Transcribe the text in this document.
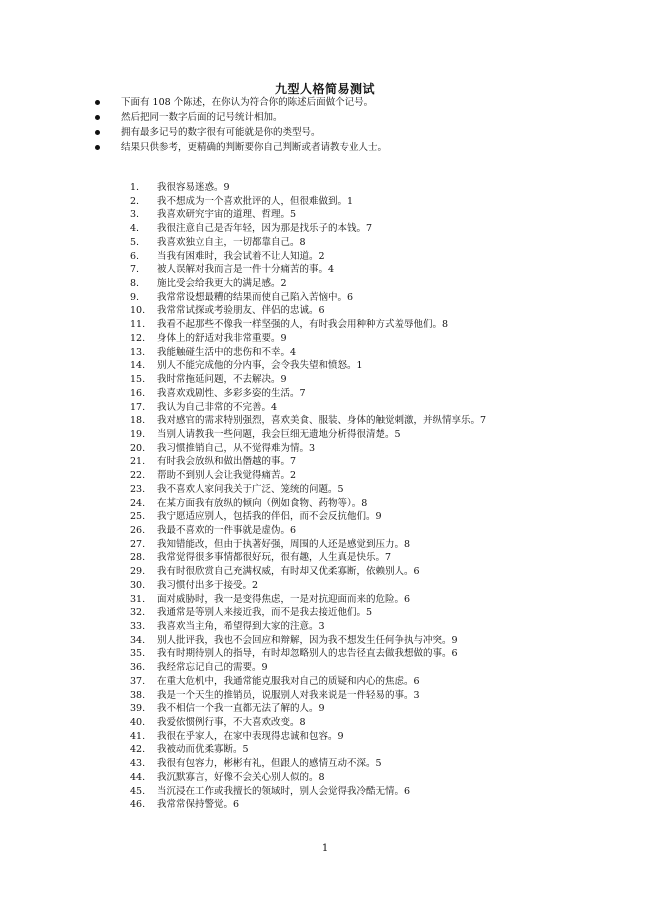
九型人格简易测试
下面有 108 个陈述，在你认为符合你的陈述后面做个记号。
然后把同一数字后面的记号统计相加。
拥有最多记号的数字很有可能就是你的类型号。
结果只供参考，更精确的判断要你自己判断或者请教专业人士。
1.	我很容易迷惑。9
2.	我不想成为一个喜欢批评的人，但很难做到。1
3.	我喜欢研究宇宙的道理、哲理。5
4.	我很注意自己是否年轻，因为那是找乐子的本钱。7
5.	我喜欢独立自主，一切都靠自己。8
6.	当我有困难时，我会试着不让人知道。2
7.	被人误解对我而言是一件十分痛苦的事。4
8.	施比受会给我更大的满足感。2
9.	我常常设想最糟的结果而使自己陷入苦恼中。6
10.	我常常试探或考验朋友、伴侣的忠诚。6
11.	我看不起那些不像我一样坚强的人，有时我会用种种方式羞辱他们。8
12.	身体上的舒适对我非常重要。9
13.	我能触碰生活中的悲伤和不幸。4
14.	别人不能完成他的分内事，会令我失望和愤怒。1
15.	我时常拖延问题，不去解决。9
16.	我喜欢戏剧性、多彩多姿的生活。7
17.	我认为自己非常的不完善。4
18.	我对感官的需求特别强烈，喜欢美食、服装、身体的触觉刺激，并纵情享乐。7
19.	当别人请教我一些问题，我会巨细无遗地分析得很清楚。5
20.	我习惯推销自己，从不觉得难为情。3
21.	有时我会放纵和做出僭越的事。7
22.	帮助不到别人会让我觉得痛苦。2
23.	我不喜欢人家问我关于广泛、笼统的问题。5
24.	在某方面我有放纵的倾向（例如食物、药物等）。8
25.	我宁愿适应别人，包括我的伴侣，而不会反抗他们。9
26.	我最不喜欢的一件事就是虚伪。6
27.	我知错能改，但由于执著好强，周围的人还是感觉到压力。8
28.	我常觉得很多事情都很好玩，很有趣，人生真是快乐。7
29.	我有时很欣赏自己充满权威，有时却又优柔寡断，依赖别人。6
30.	我习惯付出多于接受。2
31.	面对威胁时，我一是变得焦虑，一是对抗迎面而来的危险。6
32.	我通常是等别人来接近我，而不是我去接近他们。5
33.	我喜欢当主角，希望得到大家的注意。3
34.	别人批评我，我也不会回应和辩解，因为我不想发生任何争执与冲突。9
35.	我有时期待别人的指导，有时却忽略别人的忠告径直去做我想做的事。6
36.	我经常忘记自己的需要。9
37.	在重大危机中，我通常能克服我对自己的质疑和内心的焦虑。6
38.	我是一个天生的推销员，说服别人对我来说是一件轻易的事。3
39.	我不相信一个我一直都无法了解的人。9
40.	我爱依惯例行事，不大喜欢改变。8
41.	我很在乎家人，在家中表现得忠诚和包容。9
42.	我被动而优柔寡断。5
43.	我很有包容力，彬彬有礼，但跟人的感情互动不深。5
44.	我沉默寡言，好像不会关心别人似的。8
45.	当沉浸在工作或我擅长的领域时，别人会觉得我冷酷无情。6
46.	我常常保持警觉。6
1
